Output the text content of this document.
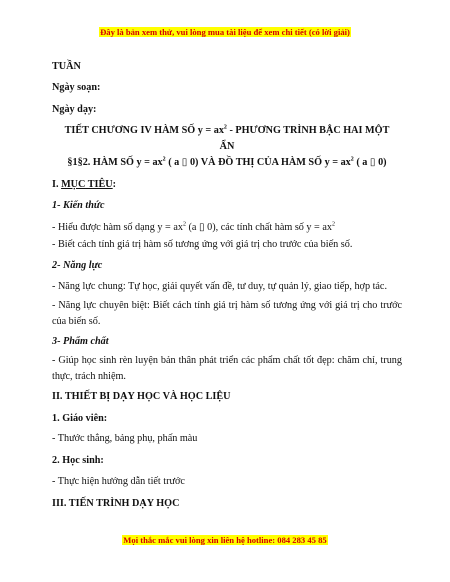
Đây là bản xem thử, vui lòng mua tài liệu để xem chi tiết (có lời giải)
TUẦN
Ngày soạn:
Ngày dạy:
TIẾT CHƯƠNG IV HÀM SỐ $y = ax^2$ - PHƯƠNG TRÌNH BẬC HAI MỘT
ẨN
§1§2. HÀM SỐ $y = ax^2$ ( a ▯ 0) VÀ ĐỒ THỊ CỦA HÀM SỐ $y = ax^2$ ( a ▯ 0)
I. MỤC TIÊU:
1- Kiến thức
- Hiểu được hàm số dạng $y = ax^2$ (a ▯ 0), các tính chất hàm số $y = ax^2$
- Biết cách tính giá trị hàm số tương ứng với giá trị cho trước của biến số.
2- Năng lực
- Năng lực chung: Tự học, giải quyết vấn đề, tư duy, tự quản lý, giao tiếp, hợp tác.
- Năng lực chuyên biệt: Biết cách tính giá trị hàm số tương ứng với giá trị cho trước của biến số.
3- Phẩm chất
- Giúp học sinh rèn luyện bản thân phát triển các phẩm chất tốt đẹp: chăm chỉ, trung thực, trách nhiệm.
II. THIẾT BỊ DẠY HỌC VÀ HỌC LIỆU
1. Giáo viên:
- Thước thẳng, bảng phụ, phấn màu
2. Học sinh:
- Thực hiện hướng dẫn tiết trước
III. TIẾN TRÌNH DẠY HỌC
Mọi thắc mắc vui lòng xin liên hệ hotline: 084 283 45 85
